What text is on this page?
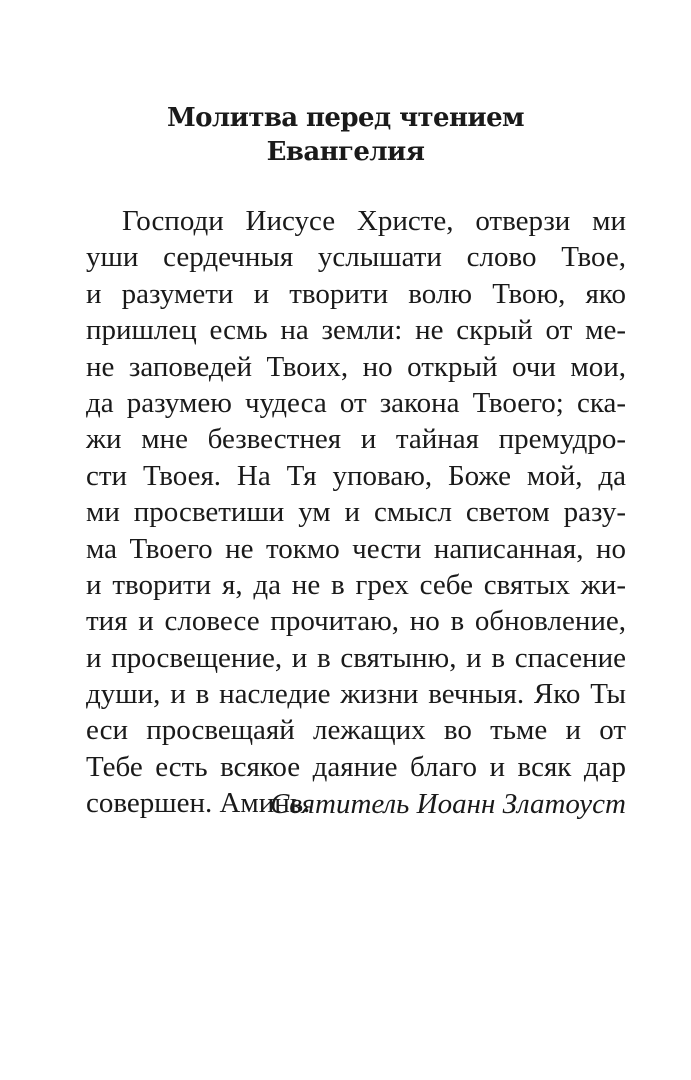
Молитва перед чтением
Евангелия
Господи Иисусе Христе, отверзи ми
уши сердечныя услышати слово Твое,
и разумети и творити волю Твою, яко
пришлец есмь на земли: не скрый от ме-
не заповедей Твоих, но открый очи мои,
да разумею чудеса от закона Твоего; ска-
жи мне безвестнея и тайная премудро-
сти Твоея. На Тя уповаю, Боже мой, да
ми просветиши ум и смысл светом разу-
ма Твоего не токмо чести написанная, но
и творити я, да не в грех себе святых жи-
тия и словесе прочитаю, но в обновление,
и просвещение, и в святыню, и в спасение
души, и в наследие жизни вечныя. Яко Ты
еси просвещаяй лежащих во тьме и от
Тебе есть всякое даяние благо и всяк дар
совершен. Аминь.

Святитель Иоанн Златоуст
